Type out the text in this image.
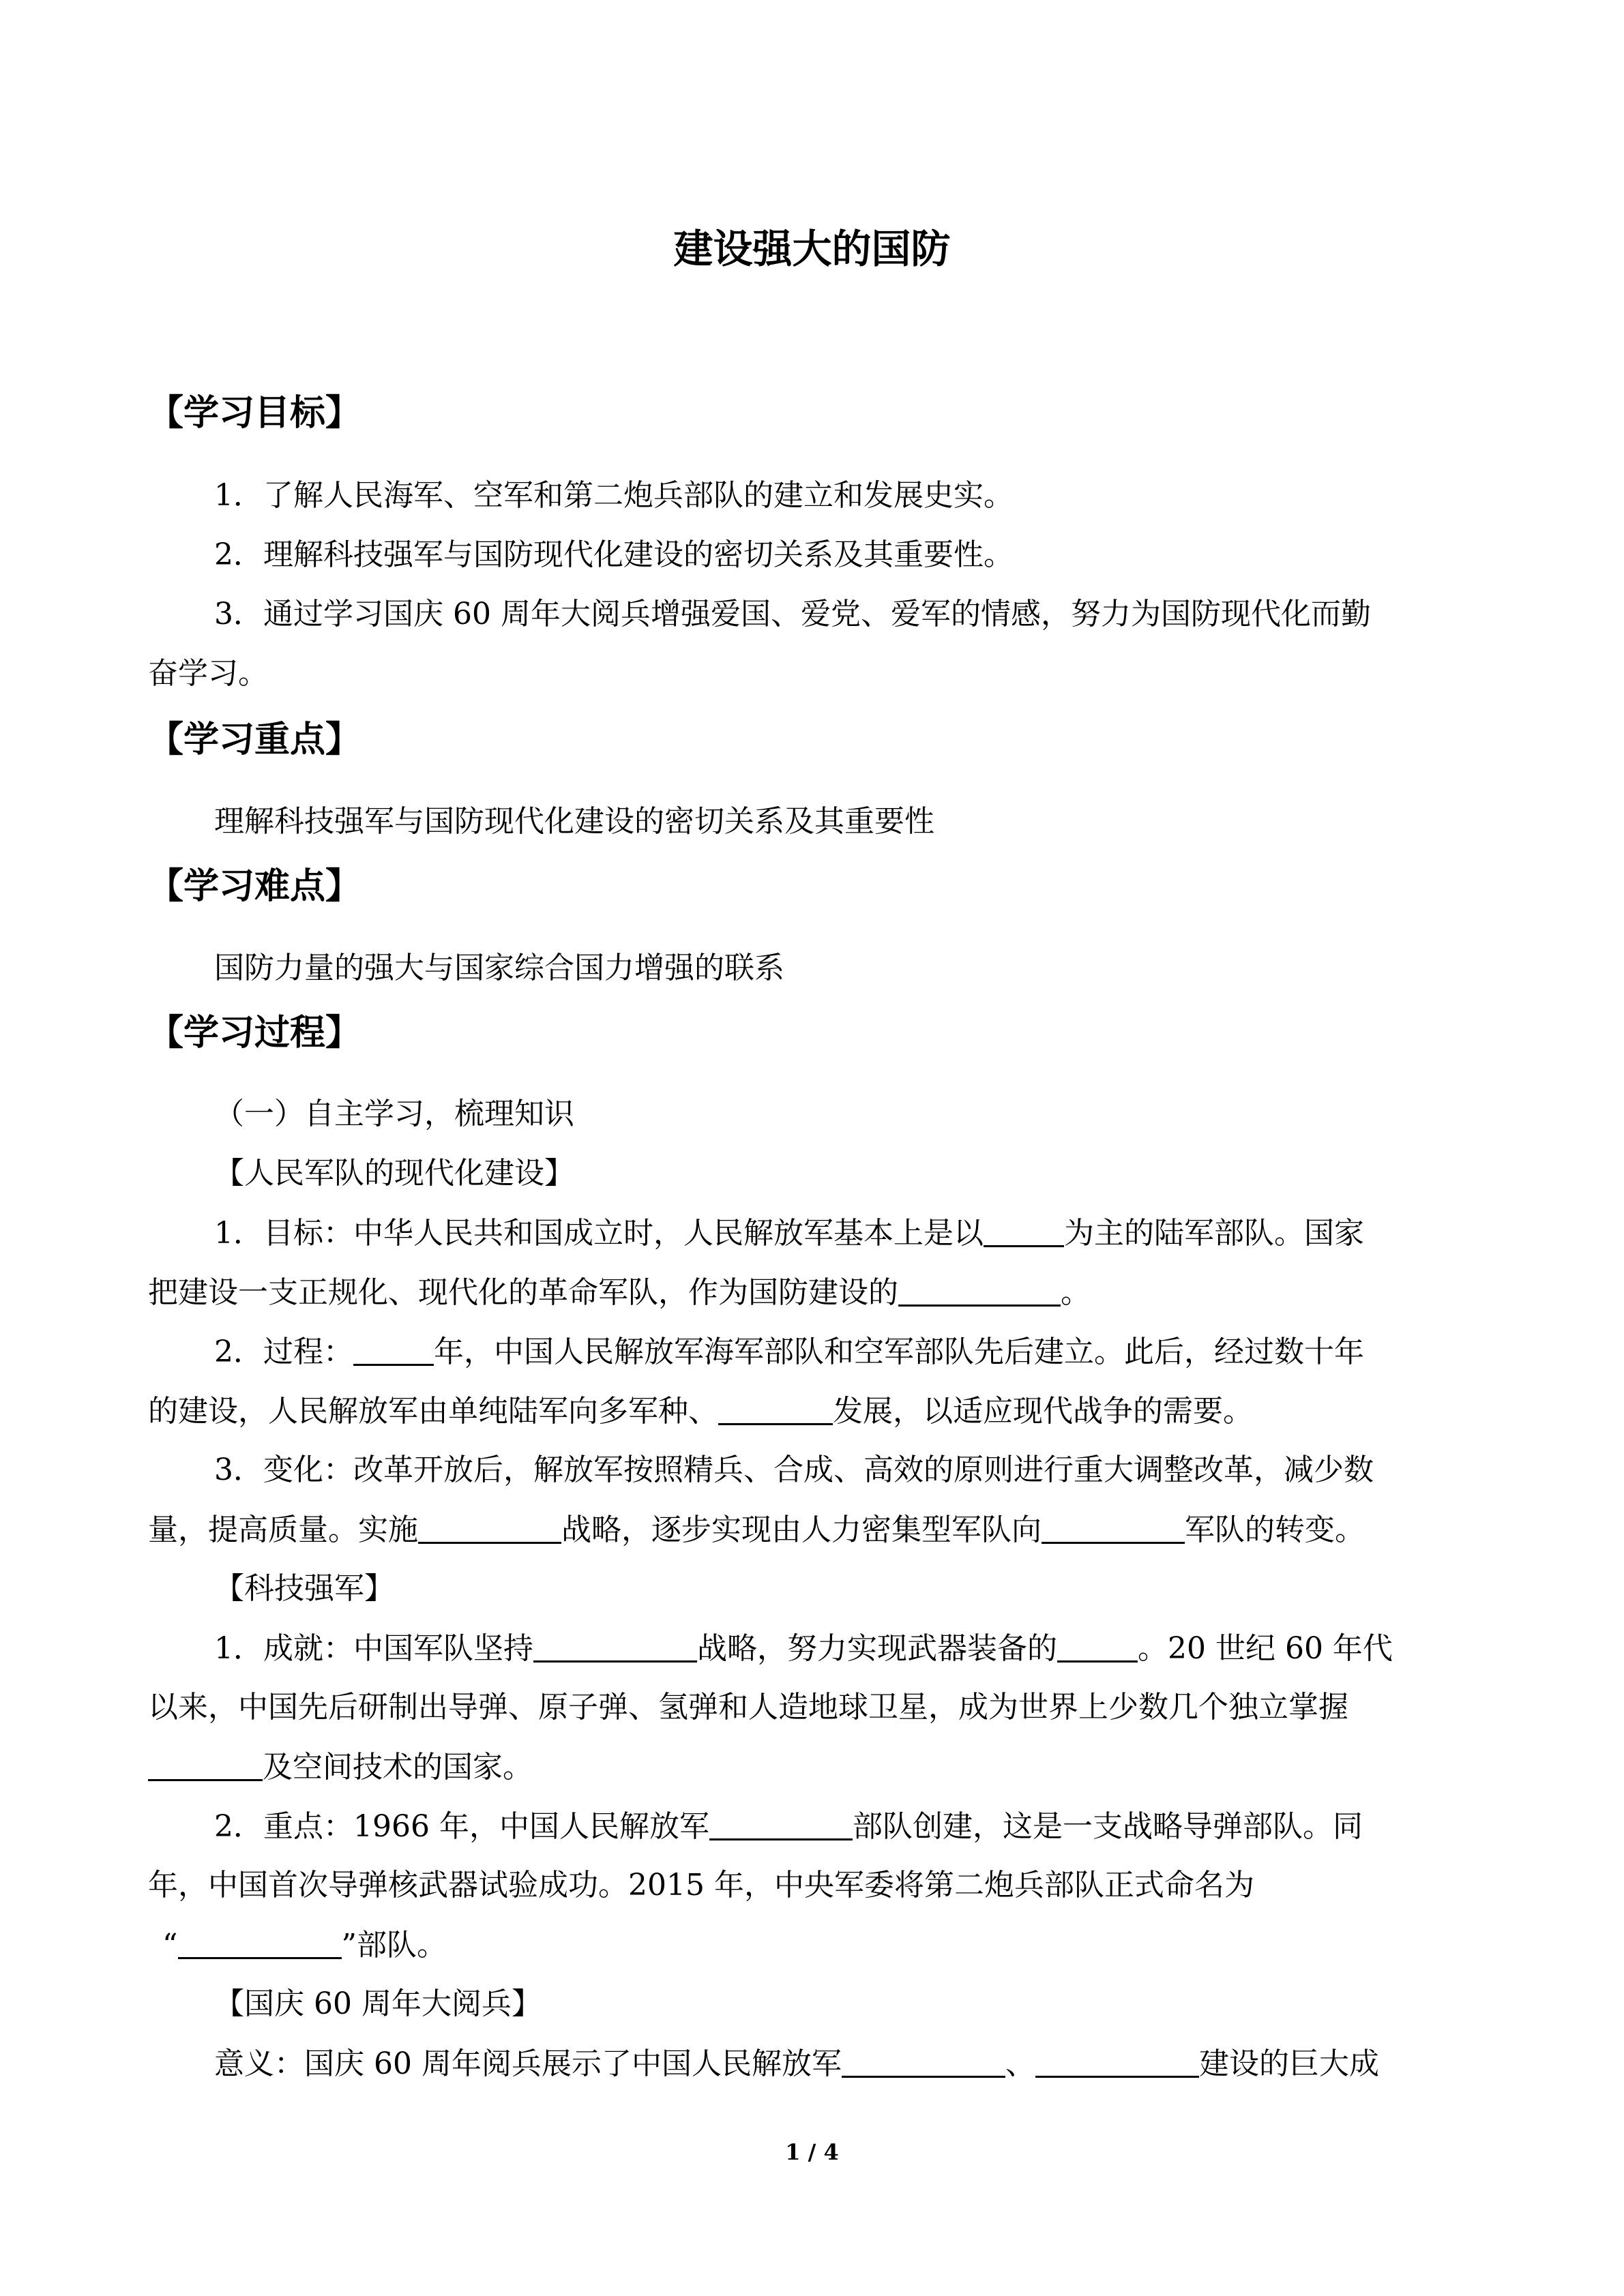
建设强大的国防
【学习目标】
1．了解人民海军、空军和第二炮兵部队的建立和发展史实。
2．理解科技强军与国防现代化建设的密切关系及其重要性。
3．通过学习国庆 60 周年大阅兵增强爱国、爱党、爱军的情感，努力为国防现代化而勤
奋学习。
【学习重点】
理解科技强军与国防现代化建设的密切关系及其重要性
【学习难点】
国防力量的强大与国家综合国力增强的联系
【学习过程】
（一）自主学习，梳理知识
【人民军队的现代化建设】
1．目标：中华人民共和国成立时，人民解放军基本上是以	为主的陆军部队。国家
把建设一支正规化、现代化的革命军队，作为国防建设的	。
2．过程：	年，中国人民解放军海军部队和空军部队先后建立。此后，经过数十年
的建设，人民解放军由单纯陆军向多军种、	发展，以适应现代战争的需要。
3．变化：改革开放后，解放军按照精兵、合成、高效的原则进行重大调整改革，减少数
量，提高质量。实施	战略，逐步实现由人力密集型军队向	军队的转变。
【科技强军】
1．成就：中国军队坚持	战略，努力实现武器装备的	。20 世纪 60 年代
以来，中国先后研制出导弹、原子弹、氢弹和人造地球卫星，成为世界上少数几个独立掌握
及空间技术的国家。
2．重点：1966 年，中国人民解放军	部队创建，这是一支战略导弹部队。同
年，中国首次导弹核武器试验成功。2015 年，中央军委将第二炮兵部队正式命名为
“	”部队。
【国庆 60 周年大阅兵】
意义：国庆 60 周年阅兵展示了中国人民解放军	、	建设的巨大成
1 / 4
